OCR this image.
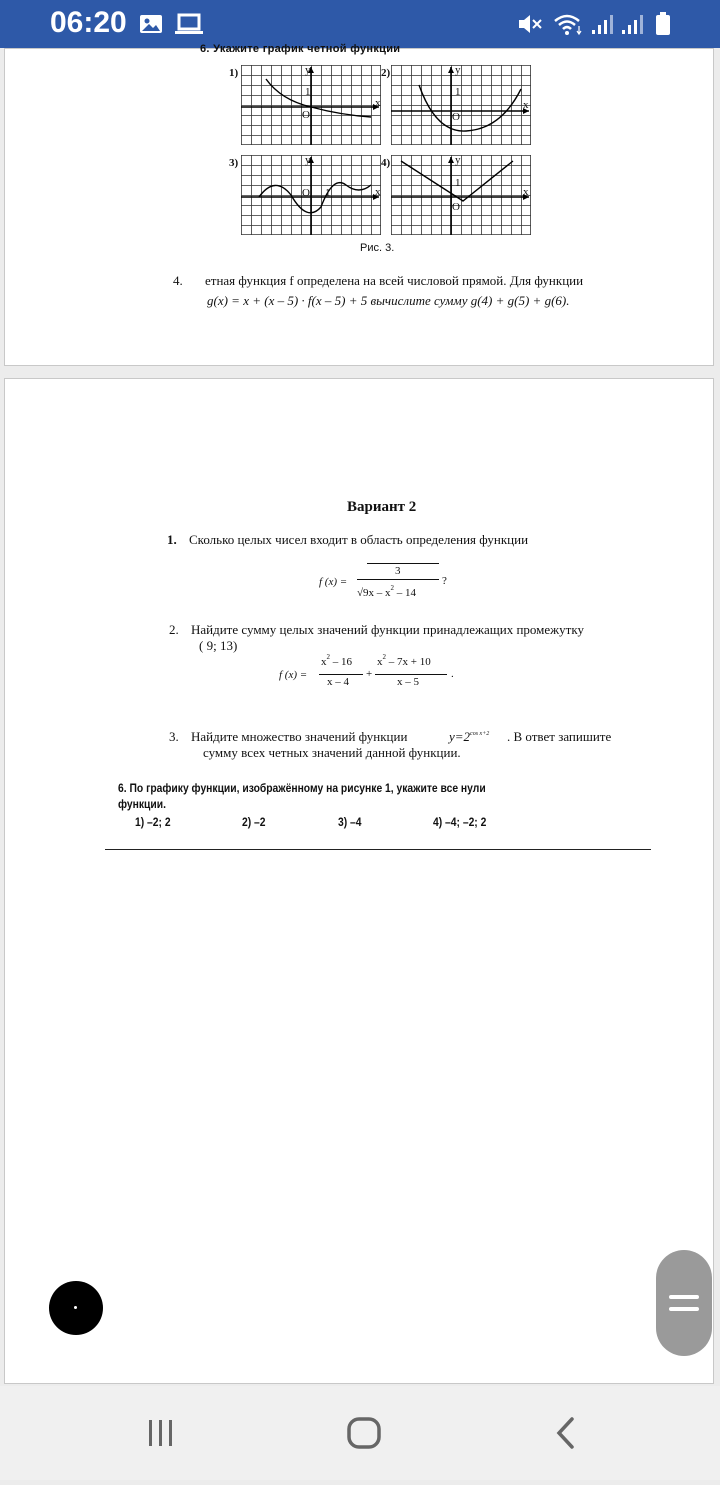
06:20
6. Укажите график четной функции
1)	y
x
1
O
2)	y
x
1
O
3)	y
x
1
O
4)	y
x
1
O
Рис. 3.
4. етная функция f определена на всей числовой прямой. Для функции
g(x) = x + (x – 5) · f(x – 5) + 5 вычислите сумму g(4) + g(5) + g(6).
Вариант 2
1. Сколько целых чисел входит в область определения функции
f (x) =
3
$√9x - x^2 - 14$
?
2. Найдите сумму целых значений функции принадлежащих промежутку
( 9; 13)
f (x) =
$x^2 - 16$
x – 4
+
$x^2 - 7x + 10$
x – 5
.
3. Найдите множество значений функции	$y=2^{cos x+2}$ . В ответ запишите
сумму всех четных значений данной функции.
6. По графику функции, изображённому на рисунке 1, укажите все нули
функции.
1) –2; 2	2) –2	3) –4	4) –4; –2; 2
